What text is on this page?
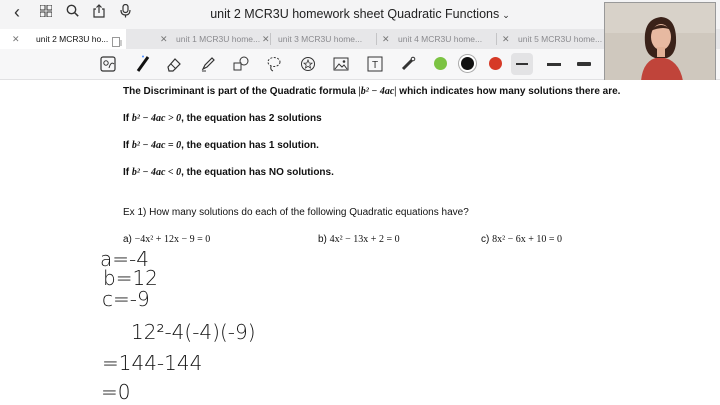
‹	unit 2 MCR3U homework sheet Quadratic Functions ⌄
✕ unit 2 MCR3U ho...	✕ unit 1 MCR3U home... ✕ unit 3 MCR3U home... ✕ unit 4 MCR3U home... ✕ unit 5 MCR3U home...
T
The Discriminant is part of the Quadratic formula |b² − 4ac| which indicates how many solutions there are.
If b² − 4ac > 0, the equation has 2 solutions
If b² − 4ac = 0, the equation has 1 solution.
If b² − 4ac < 0, the equation has NO solutions.
Ex 1) How many solutions do each of the following Quadratic equations have?
a) −4x² + 12x − 9 = 0	b) 4x² − 13x + 2 = 0	c) 8x² − 6x + 10 = 0
a=-4
b=12
c=-9
12²-4(-4)(-9)
=144-144
=0
